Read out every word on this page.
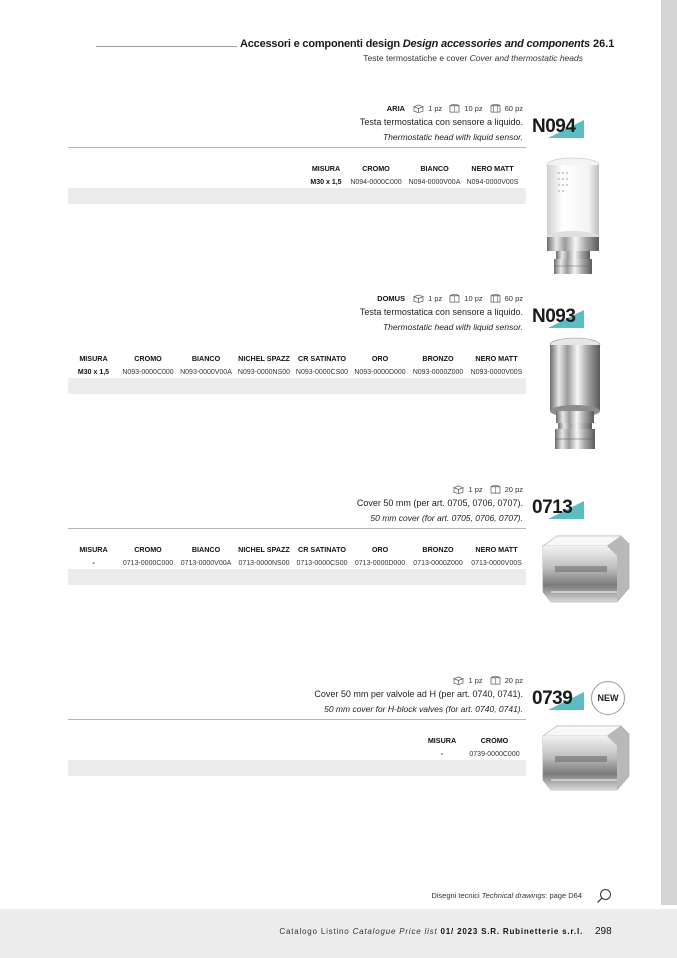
Accessori e componenti design Design accessories and components 26.1
Teste termostatiche e cover Cover and thermostatic heads
ARIA	1 pz	10 pz	60 pz
Testa termostatica con sensore a liquido.
Thermostatic head with liquid sensor. N094
MISURA	CROMO	BIANCO	NERO MATT
M30 x 1,5	N094-0000C000	N094-0000V00A	N094-0000V00S
DOMUS	1 pz	10 pz	60 pz
Testa termostatica con sensore a liquido.
Thermostatic head with liquid sensor. N093
MISURA	CROMO	BIANCO	NICHEL SPAZZ	CR SATINATO	ORO	BRONZO	NERO MATT
M30 x 1,5	N093-0000C000	N093-0000V00A	N093-0000NS00	N093-0000CS00	N093-0000D000	N093-0000Z000	N093-0000V00S
1 pz	20 pz
Cover 50 mm (per art. 0705, 0706, 0707).
50 mm cover (for art. 0705, 0706, 0707). 0713
MISURA	CROMO	BIANCO	NICHEL SPAZZ	CR SATINATO	ORO	BRONZO	NERO MATT
-	0713-0000C000	0713-0000V00A	0713-0000NS00	0713-0000CS00	0713-0000D000	0713-0000Z000	0713-0000V00S
1 pz	20 pz
Cover 50 mm per valvole ad H (per art. 0740, 0741).
50 mm cover for H-block valves (for art. 0740, 0741). 0739
MISURA	CROMO
-	0739-0000C000
NEW
Disegni tecnici Technical drawings: page D64
Catalogo Listino Catalogue Price list 01/ 2023 S.R. Rubinetterie s.r.l. 298
